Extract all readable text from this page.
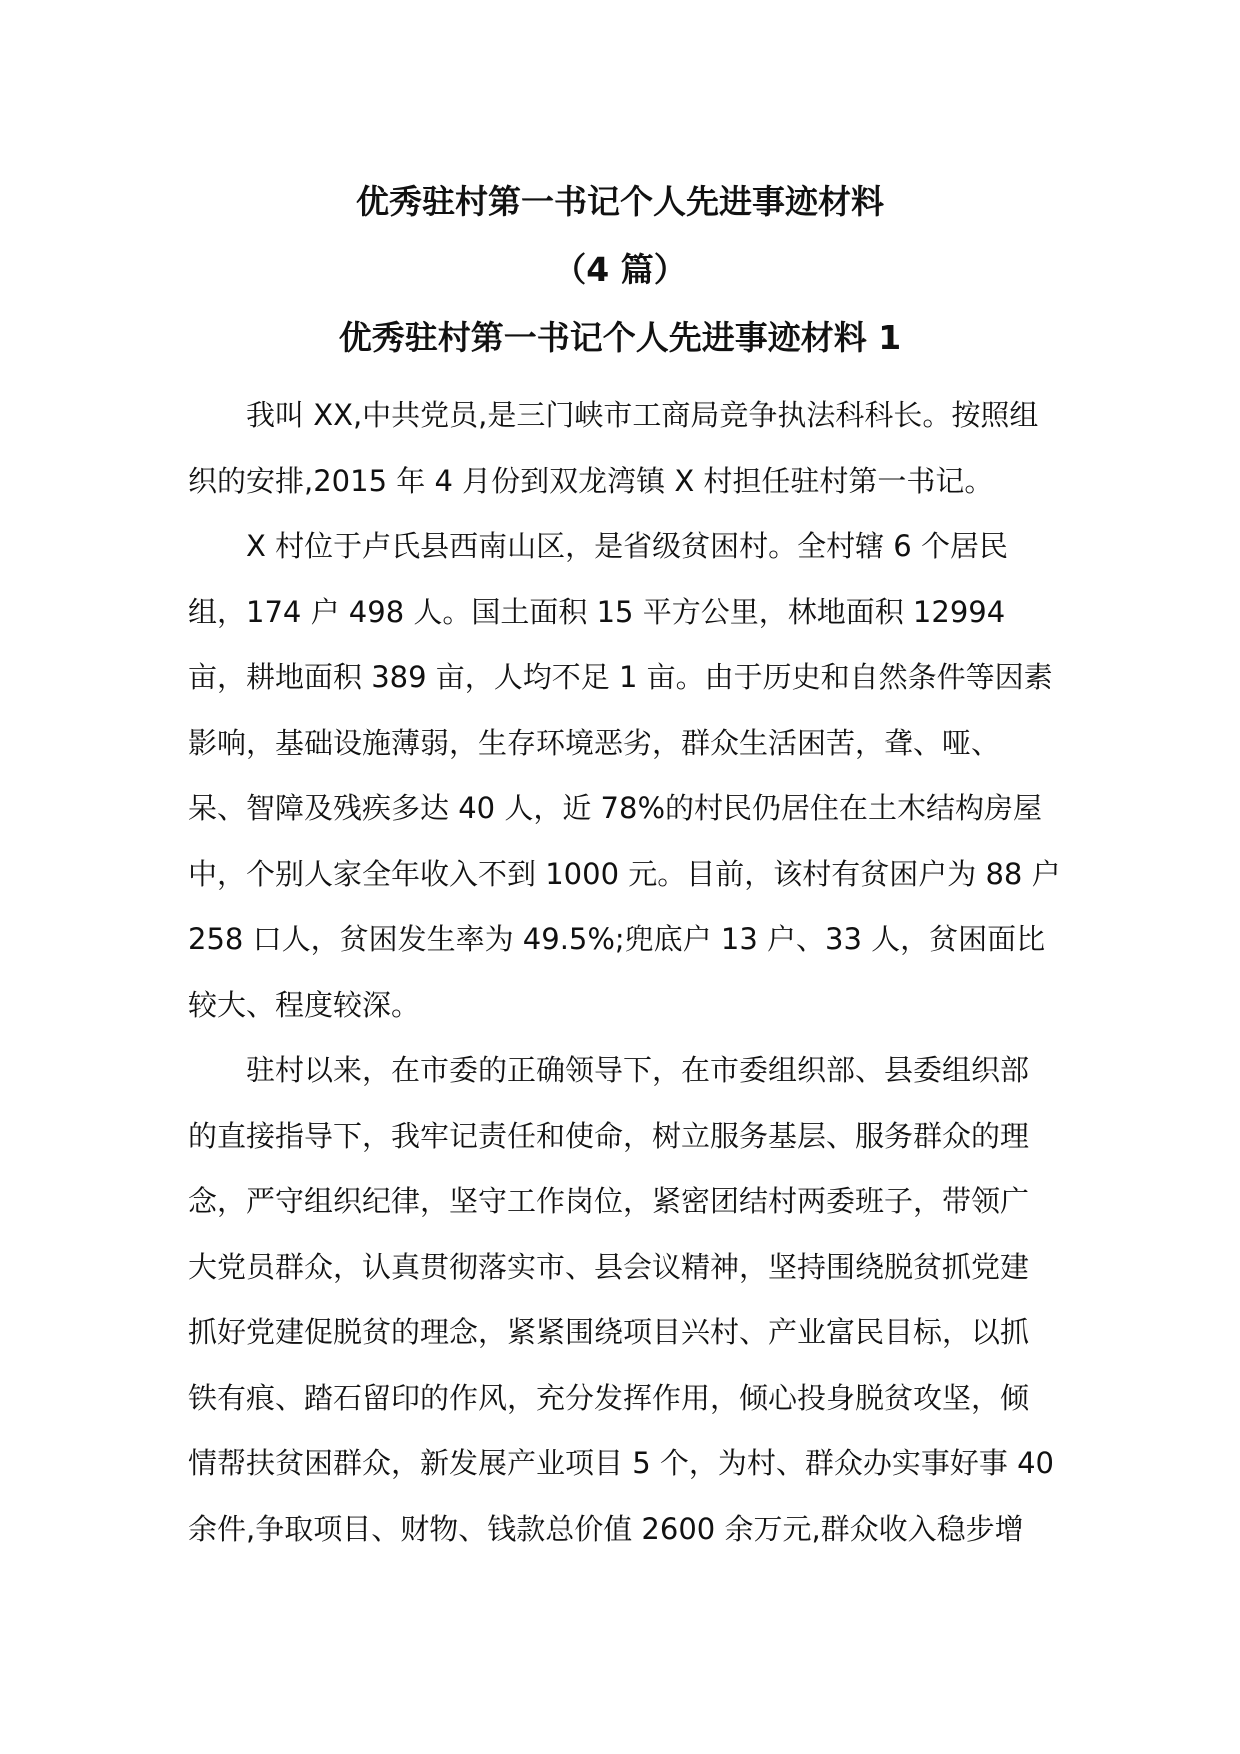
优秀驻村第一书记个人先进事迹材料
（4 篇）
优秀驻村第一书记个人先进事迹材料 1
我叫 XX,中共党员,是三门峡市工商局竞争执法科科长。按照组
织的安排,2015 年 4 月份到双龙湾镇 X 村担任驻村第一书记。
X 村位于卢氏县西南山区，是省级贫困村。全村辖 6 个居民
组，174 户 498 人。国土面积 15 平方公里，林地面积 12994
亩，耕地面积 389 亩，人均不足 1 亩。由于历史和自然条件等因素
影响，基础设施薄弱，生存环境恶劣，群众生活困苦，聋、哑、
呆、智障及残疾多达 40 人，近 78%的村民仍居住在土木结构房屋
中，个别人家全年收入不到 1000 元。目前，该村有贫困户为 88 户
258 口人，贫困发生率为 49.5%;兜底户 13 户、33 人，贫困面比
较大、程度较深。
驻村以来，在市委的正确领导下，在市委组织部、县委组织部
的直接指导下，我牢记责任和使命，树立服务基层、服务群众的理
念，严守组织纪律，坚守工作岗位，紧密团结村两委班子，带领广
大党员群众，认真贯彻落实市、县会议精神，坚持围绕脱贫抓党建
抓好党建促脱贫的理念，紧紧围绕项目兴村、产业富民目标，以抓
铁有痕、踏石留印的作风，充分发挥作用，倾心投身脱贫攻坚，倾
情帮扶贫困群众，新发展产业项目 5 个，为村、群众办实事好事 40
余件,争取项目、财物、钱款总价值 2600 余万元,群众收入稳步增
